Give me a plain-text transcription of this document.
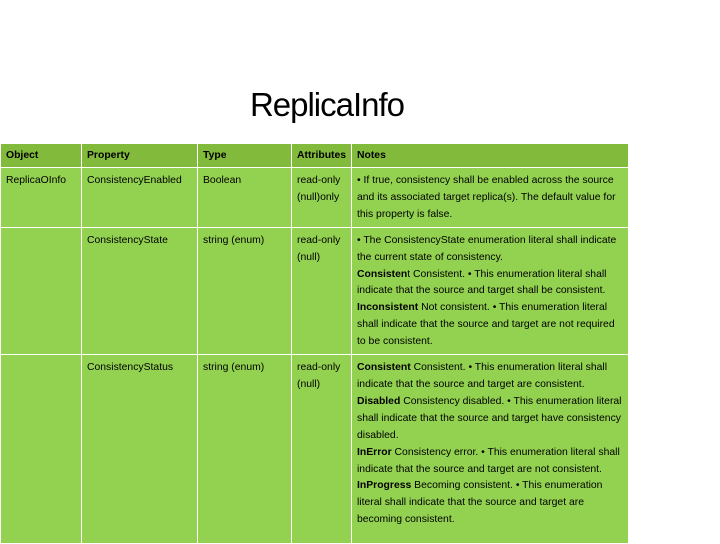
ReplicaInfo
Object	Property	Type	Attributes	Notes
ReplicaOInfo	ConsistencyEnabled	Boolean	read-only (null)only	• If true, consistency shall be enabled across the source and its associated target replica(s). The default value for this property is false.
	ConsistencyState	string (enum)	read-only (null)	• The ConsistencyState enumeration literal shall indicate the current state of consistency.
Consistent Consistent. • This enumeration literal shall indicate that the source and target shall be consistent.
Inconsistent Not consistent. • This enumeration literal shall indicate that the source and target are not required to be consistent.
	ConsistencyStatus	string (enum)	read-only (null)	Consistent Consistent. • This enumeration literal shall indicate that the source and target are consistent. Disabled Consistency disabled. • This enumeration literal shall indicate that the source and target have consistency disabled.
InError Consistency error. • This enumeration literal shall indicate that the source and target are not consistent.
InProgress Becoming consistent. • This enumeration literal shall indicate that the source and target are becoming consistent.
